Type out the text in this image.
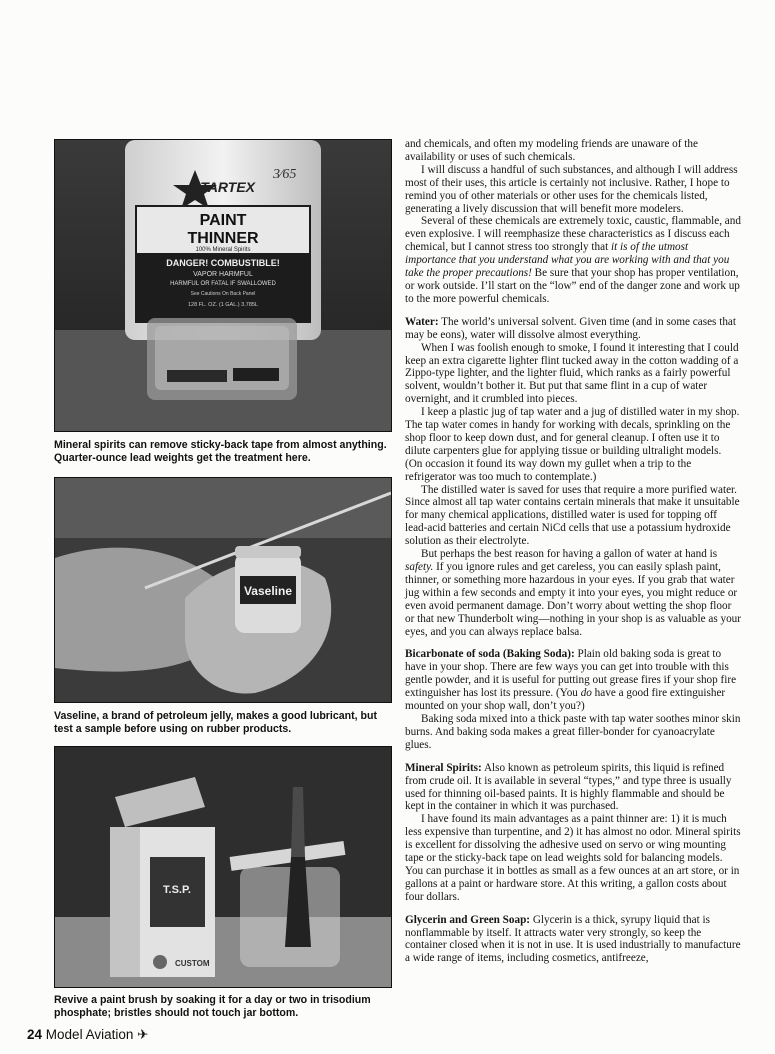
STARTEX
3⁄65
PAINT
THINNER
100% Mineral Spirits
DANGER! COMBUSTIBLE!
VAPOR HARMFUL
HARMFUL OR FATAL IF SWALLOWED
See Cautions On Back Panel
128 FL. OZ. (1 GAL.) 3.785L
Mineral spirits can remove sticky-back tape from almost anything. Quarter-ounce lead weights get the treatment here.
Vaseline
Vaseline, a brand of petroleum jelly, makes a good lubricant, but test a sample before using on rubber products.
T.S.P.
CUSTOM
Revive a paint brush by soaking it for a day or two in trisodium phosphate; bristles should not touch jar bottom.

and chemicals, and often my modeling friends are unaware of the availability or uses of such chemicals.

I will discuss a handful of such substances, and although I will address most of their uses, this article is certainly not inclusive. Rather, I hope to remind you of other materials or other uses for the chemicals listed, generating a lively discussion that will benefit more modelers.

Several of these chemicals are extremely toxic, caustic, flammable, and even explosive. I will reemphasize these characteristics as I discuss each chemical, but I cannot stress too strongly that it is of the utmost importance that you understand what you are working with and that you take the proper precautions! Be sure that your shop has proper ventilation, or work outside. I’ll start on the “low” end of the danger zone and work up to the more powerful chemicals.

Water: The world’s universal solvent. Given time (and in some cases that may be eons), water will dissolve almost everything.

When I was foolish enough to smoke, I found it interesting that I could keep an extra cigarette lighter flint tucked away in the cotton wadding of a Zippo-type lighter, and the lighter fluid, which ranks as a fairly powerful solvent, wouldn’t bother it. But put that same flint in a cup of water overnight, and it crumbled into pieces.

I keep a plastic jug of tap water and a jug of distilled water in my shop. The tap water comes in handy for working with decals, sprinkling on the shop floor to keep down dust, and for general cleanup. I often use it to dilute carpenters glue for applying tissue or building ultralight models. (On occasion it found its way down my gullet when a trip to the refrigerator was too much to contemplate.)

The distilled water is saved for uses that require a more purified water. Since almost all tap water contains certain minerals that make it unsuitable for many chemical applications, distilled water is used for topping off lead-acid batteries and certain NiCd cells that use a potassium hydroxide solution as their electrolyte.

But perhaps the best reason for having a gallon of water at hand is safety. If you ignore rules and get careless, you can easily splash paint, thinner, or something more hazardous in your eyes. If you grab that water jug within a few seconds and empty it into your eyes, you might reduce or even avoid permanent damage. Don’t worry about wetting the shop floor or that new Thunderbolt wing—nothing in your shop is as valuable as your eyes, and you can always replace balsa.

Bicarbonate of soda (Baking Soda): Plain old baking soda is great to have in your shop. There are few ways you can get into trouble with this gentle powder, and it is useful for putting out grease fires if your shop fire extinguisher has lost its pressure. (You do have a good fire extinguisher mounted on your shop wall, don’t you?)

Baking soda mixed into a thick paste with tap water soothes minor skin burns. And baking soda makes a great filler-bonder for cyanoacrylate glues.

Mineral Spirits: Also known as petroleum spirits, this liquid is refined from crude oil. It is available in several “types,” and type three is usually used for thinning oil-based paints. It is highly flammable and should be kept in the container in which it was purchased.

I have found its main advantages as a paint thinner are: 1) it is much less expensive than turpentine, and 2) it has almost no odor. Mineral spirits is excellent for dissolving the adhesive used on servo or wing mounting tape or the sticky-back tape on lead weights sold for balancing models. You can purchase it in bottles as small as a few ounces at an art store, or in gallons at a paint or hardware store. At this writing, a gallon costs about four dollars.

Glycerin and Green Soap: Glycerin is a thick, syrupy liquid that is nonflammable by itself. It attracts water very strongly, so keep the container closed when it is not in use. It is used industrially to manufacture a wide range of items, including cosmetics, antifreeze,

24 Model Aviation ✈
